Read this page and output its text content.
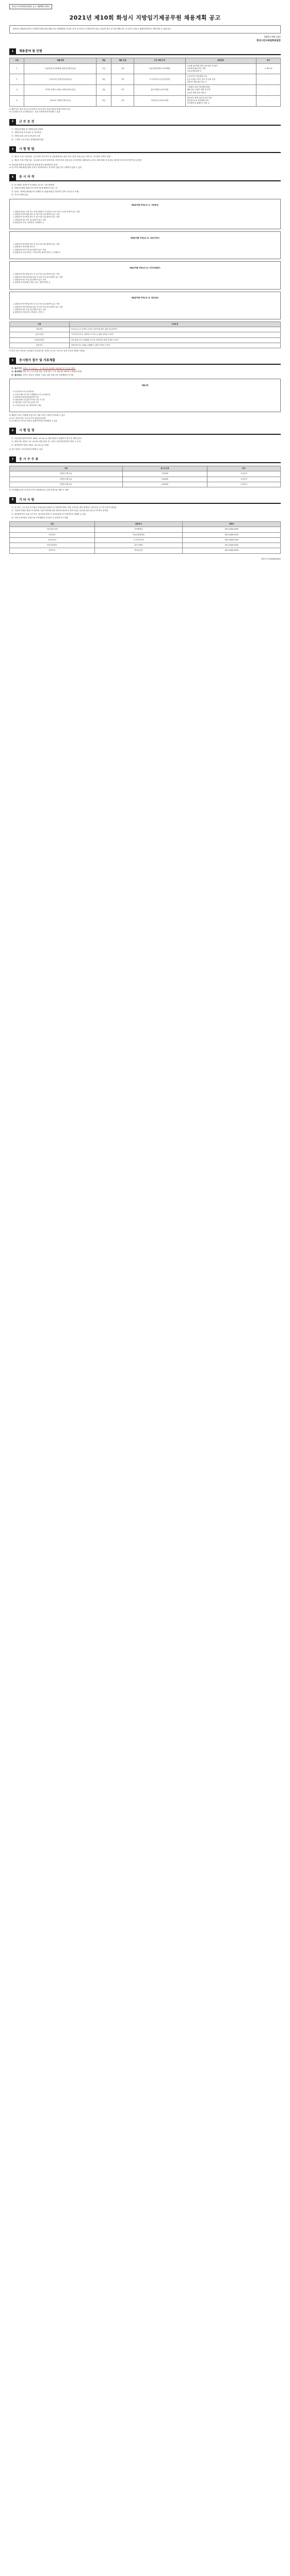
화성시지역개발위원회 공고 제2021-33호
2021년 제10회 화성시 지방임기제공무원 채용계획 공고
2021년 제10회 화성시 지방임기제공무원 채용시험 시행계획을 다음과 같이 공고하오니 지원자격이 있는 분들의 많은 응시를 바랍니다. 공고문은 화성시 홈페이지에서도 확인하실 수 있습니다.
2021년 9월 13일
화성시인사위원회위원장
1	채용분야 및 인원
구분	직렬/직류	계급	채용 인원	근무 예정 부서	담당업무	비고
1	아동복지(시간선택제) 일반임기제 (다급)	다급	1명	아동친화정책과 보육정책팀	국공립 어린이집 위탁 운영 관리 및 평가
보육정책 관련 업무 지원
보육교직원 관리 등	주 35시간
2	공공디자인 일반임기제 (라급)	라급	1명	도시디자인과 공공디자인팀	공공디자인 진흥계획 수립
공공시설물 디자인 자문 및 심의 운영
경관 및 색채 관리 업무 등	-
3	미디어 콘텐츠 (영상) 일반임기제 (마급)	마급	1명	홍보기획관 뉴미디어팀	시정홍보 영상 기획·촬영·편집
SNS 홍보 콘텐츠 제작 및 운영
온라인 채널 운영 지원 등	-
4	정보보호 일반임기제 (마급)	마급	1명	정보통신과 정보보호팀	정보보호 정책 수립 및 보안 점검
개인정보보호 관리체계 운영
보안관제 및 침해사고 대응 등	-
※ 채용기간: 최초 2년 (근무실적이 우수한 경우 5년의 범위 내에서 연장 가능)
※ 근무예정 부서 및 담당업무는 기관 사정에 따라 변경될 수 있음
2	근 무 조 건
가. 지방공무원법 및 지방공무원 임용령
나. 지방공무원 보수업무 등 처리지침
다. 지방공무원 수당 등에 관한 규정
라. 그 밖의 근무조건은 관계법령에 따름
3	시 험 방 법
가. 제1차 시험: 서류전형 - 응시자격 적격 여부 및 임용예정직무 관련 자격, 경력, 학위 등을 서면으로 심사하여 적격자 선발
나. 제2차 시험: 면접시험 - 공무원으로서의 정신자세, 전문지식과 응용능력, 의사표현의 정확성과 논리성, 예의·품행 및 성실성, 창의력·의지력 및 발전가능성 평정
※ 서류전형 합격자 중 면접시험 결과에 따라 최종합격자 결정
※ 응시자가 채용예정인원과 같거나 미달하더라도 적격자가 없을 경우 선발하지 않을 수 있음
4	응 시 자 격
가. 응시연령: 20세 이상 (2001.12.31. 이전 출생자)
나. 지방공무원법 제31조의 결격사유에 해당하지 않는 자
다. 남자는 병역을 필하였거나 면제된 자 (임용예정일 전일까지 전역 가능한 자 포함)
라. 거주지 제한 없음

채용분야별 자격요건 (1. 아동복지)

○ 관련분야 6급 이상 또는 이에 상당하는 공무원으로 1년 이상 근무한 경력이 있는 사람
○ 관련분야 학사학위 취득 후 3년 이상 실무경력이 있는 사람
○ 관련분야 석사학위 취득 후 1년 이상 실무경력이 있는 사람
○ 관련분야 4년 이상 실무경력이 있는 사람
※ 관련분야: 보육, 아동복지, 사회복지 등

채용분야별 자격요건 (2. 공공디자인)

○ 관련분야 학사학위 취득 후 2년 이상 실무경력이 있는 사람
○ 관련분야 석사학위 취득자
○ 관련분야 5년 이상 실무경력이 있는 사람
※ 관련분야: 공공디자인, 시각디자인, 환경디자인, 도시계획 등

채용분야별 자격요건 (3. 미디어콘텐츠)

○ 관련분야 학사학위 취득 후 1년 이상 실무경력이 있는 사람
○ 관련분야 전문학사학위 취득 후 3년 이상 실무경력이 있는 사람
○ 관련분야 4년 이상 실무경력이 있는 사람
※ 관련분야: 영상제작, 방송, 광고, 멀티미디어 등

채용분야별 자격요건 (4. 정보보호)

○ 관련분야 학사학위 취득 후 1년 이상 실무경력이 있는 사람
○ 관련분야 전문학사학위 취득 후 3년 이상 실무경력이 있는 사람
○ 관련분야 4년 이상 실무경력이 있는 사람
※ 관련분야: 정보보안, 정보통신, 전산 등

구분	우대요건
아동복지	보육교사 1급 자격증 소지자, 어린이집 평가 관련 업무경력자
공공디자인	시각디자인기사, 컬러리스트기사 등 관련 자격증 소지자
미디어콘텐츠	영상 편집 프로그램 활용 능숙자, 방송영상 관련 자격증 소지자
정보보호	정보보안기사, CISA, CISSP 등 관련 자격증 소지자
※ 경력 산정 기준일은 원서접수 마감일이며, 경력은 공고일 기준으로 증빙 가능한 경력만 인정함
5	응시원서 접수 및 서류제출
가. 접수기간: 2021. 9. 24.(금) ~ 9. 30.(목) 09:00~18:00 (토·일요일 제외)
나. 접수방법: 방문 또는 등기우편 접수 (우편 접수 시 9. 30.(목) 18:00 도착분에 한함)
다. 접수장소: 경기도 화성시 남양읍 시청로 159 화성시청 자치행정과 인사팀

제출서류

① 응시원서 1부 (소정양식)
② 자기소개서 및 직무수행계획서 1부 (소정양식)
③ 최종학력 졸업(학위)증명서 1부
④ 경력증명서 및 관련 자격증 사본 각 1부
⑤ 개인정보 수집·이용 동의서 1부
⑥ 주민등록초본 1부 (병역사항 기재)

※ 제출된 서류는 반환하지 않으며, 허위 기재 시 합격이 취소될 수 있음
※ 모든 증빙서류는 공고일 이후 발급분에 한함
※ 응시원서 등 양식은 화성시 홈페이지에서 내려받을 수 있음
6	시 험 일 정
가. 서류전형 합격자 발표: 2021. 10. 8.(금) 예정 (화성시 홈페이지 게시 및 개별 통보)
나. 면접시험: 2021. 10. 14.(목) 예정 (장소 및 시간은 서류전형 합격자 발표 시 공고)
다. 최종합격자 발표: 2021. 10. 22.(금) 예정
※ 상기 일정은 시험 운영상 변경될 수 있음
7	응 시 수 수 료
구분	응시수수료	비고
일반임기제 다급	7,000원	수입증지
일반임기제 라급	5,000원	수입증지
일반임기제 마급	5,000원	수입증지
※ 기초생활수급자 및 한부모가족 지원대상자는 관련 증빙서류 제출 시 면제
8	기 타 사 항
가. 응시자는 공고문과 응시원서 작성요령을 충분히 숙지하여야 하며, 이를 숙지하지 않아 발생하는 불이익은 응시자 본인의 책임임
나. 시험에 부정한 방법으로 합격한 사실이 확인될 경우 합격을 취소하고 향후 5년간 공무원 임용시험 응시자격이 정지됨
다. 최종합격자가 임용 포기 또는 결격사유 발생 시 차순위자를 추가 합격자로 결정할 수 있음
라. 기타 문의사항은 화성시청 자치행정과 인사팀으로 문의하시기 바람
구분	담당부서	연락처
시험 관련 문의	자치행정과	031-5189-2000
아동복지	아동친화정책과	031-5189-2100
공공디자인	도시디자인과	031-5189-2200
미디어콘텐츠	홍보기획관	031-5189-2300
정보보호	정보통신과	031-5189-2400
화성시인사위원회위원장
